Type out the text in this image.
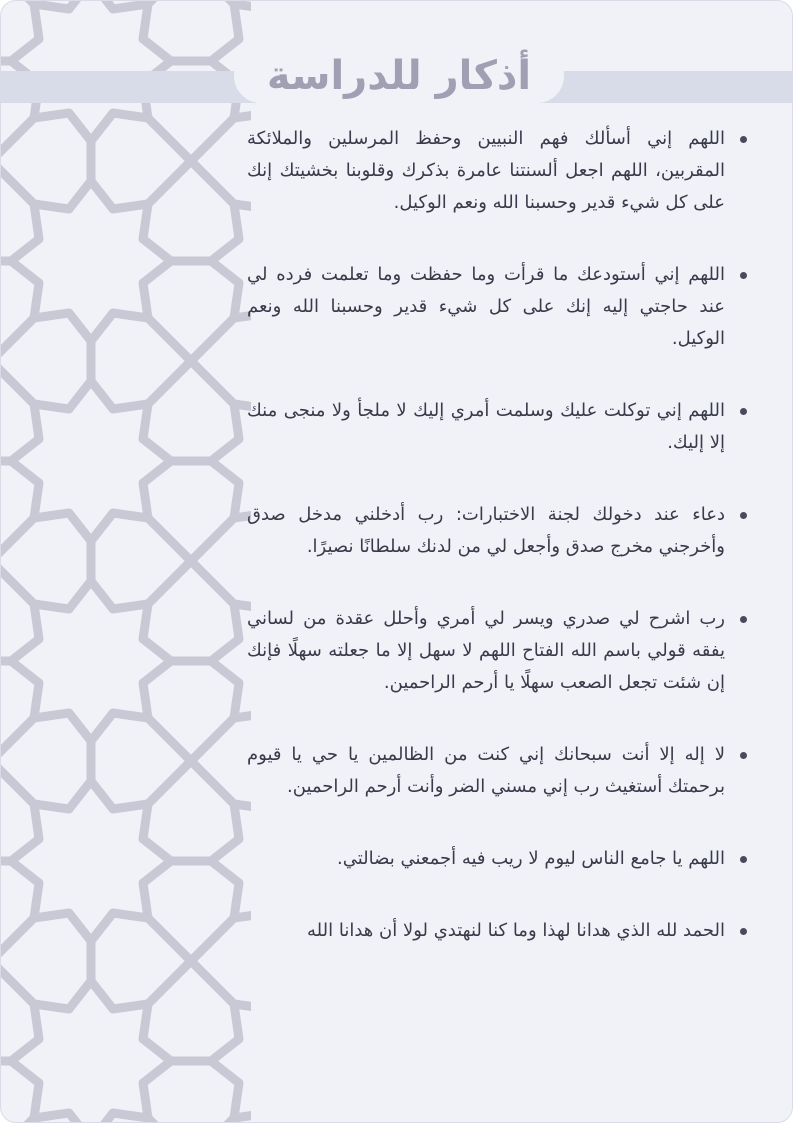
أذكار للدراسة
اللهم إني أسألك فهم النبيين وحفظ المرسلين والملائكة المقربين، اللهم اجعل ألسنتنا عامرة بذكرك وقلوبنا بخشيتك إنك على كل شيء قدير وحسبنا الله ونعم الوكيل.
اللهم إني أستودعك ما قرأت وما حفظت وما تعلمت فرده لي عند حاجتي إليه إنك على كل شيء قدير وحسبنا الله ونعم الوكيل.
اللهم إني توكلت عليك وسلمت أمري إليك لا ملجأ ولا منجى منك إلا إليك.
دعاء عند دخولك لجنة الاختبارات: رب أدخلني مدخل صدق وأخرجني مخرج صدق وأجعل لي من لدنك سلطانًا نصيرًا.
رب اشرح لي صدري ويسر لي أمري وأحلل عقدة من لساني يفقه قولي باسم الله الفتاح اللهم لا سهل إلا ما جعلته سهلًا فإنك إن شئت تجعل الصعب سهلًا يا أرحم الراحمين.
لا إله إلا أنت سبحانك إني كنت من الظالمين يا حي يا قيوم برحمتك أستغيث رب إني مسني الضر وأنت أرحم الراحمين.
اللهم يا جامع الناس ليوم لا ريب فيه أجمعني بضالتي.
الحمد لله الذي هدانا لهذا وما كنا لنهتدي لولا أن هدانا الله
